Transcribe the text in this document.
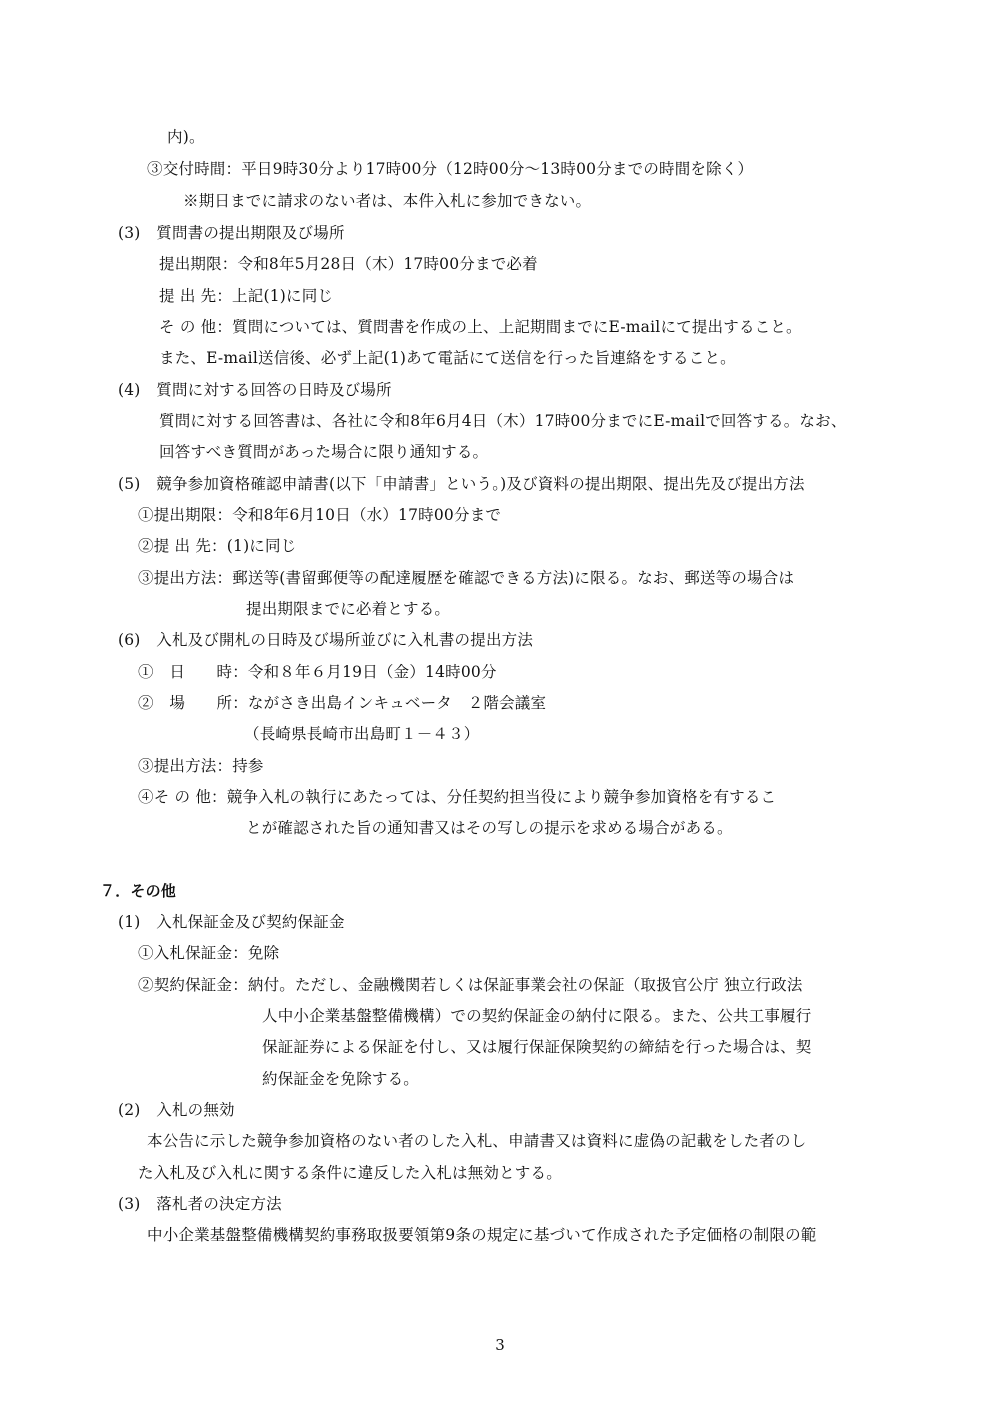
内)。
③交付時間：平日9時30分より17時00分（12時00分～13時00分までの時間を除く）
※期日までに請求のない者は、本件入札に参加できない。
(3)　質問書の提出期限及び場所
提出期限：令和8年5月28日（木）17時00分まで必着
提 出 先：上記(1)に同じ
そ の 他：質問については、質問書を作成の上、上記期間までにE-mailにて提出すること。
また、E-mail送信後、必ず上記(1)あて電話にて送信を行った旨連絡をすること。
(4)　質問に対する回答の日時及び場所
質問に対する回答書は、各社に令和8年6月4日（木）17時00分までにE-mailで回答する。なお、
回答すべき質問があった場合に限り通知する。
(5)　競争参加資格確認申請書(以下「申請書」という。)及び資料の提出期限、提出先及び提出方法
①提出期限：令和8年6月10日（水）17時00分まで
②提 出 先：(1)に同じ
③提出方法：郵送等(書留郵便等の配達履歴を確認できる方法)に限る。なお、郵送等の場合は
提出期限までに必着とする。
(6)　入札及び開札の日時及び場所並びに入札書の提出方法
①　日　　時：令和８年６月19日（金）14時00分
②　場　　所：ながさき出島インキュベータ　２階会議室
（長崎県長崎市出島町１－４３）
③提出方法：持参
④そ の 他：競争入札の執行にあたっては、分任契約担当役により競争参加資格を有するこ
とが確認された旨の通知書又はその写しの提示を求める場合がある。
７．その他
(1)　入札保証金及び契約保証金
①入札保証金：免除
②契約保証金：納付。ただし、金融機関若しくは保証事業会社の保証（取扱官公庁 独立行政法
人中小企業基盤整備機構）での契約保証金の納付に限る。また、公共工事履行
保証証券による保証を付し、又は履行保証保険契約の締結を行った場合は、契
約保証金を免除する。
(2)　入札の無効
本公告に示した競争参加資格のない者のした入札、申請書又は資料に虚偽の記載をした者のし
た入札及び入札に関する条件に違反した入札は無効とする。
(3)　落札者の決定方法
中小企業基盤整備機構契約事務取扱要領第9条の規定に基づいて作成された予定価格の制限の範
3
